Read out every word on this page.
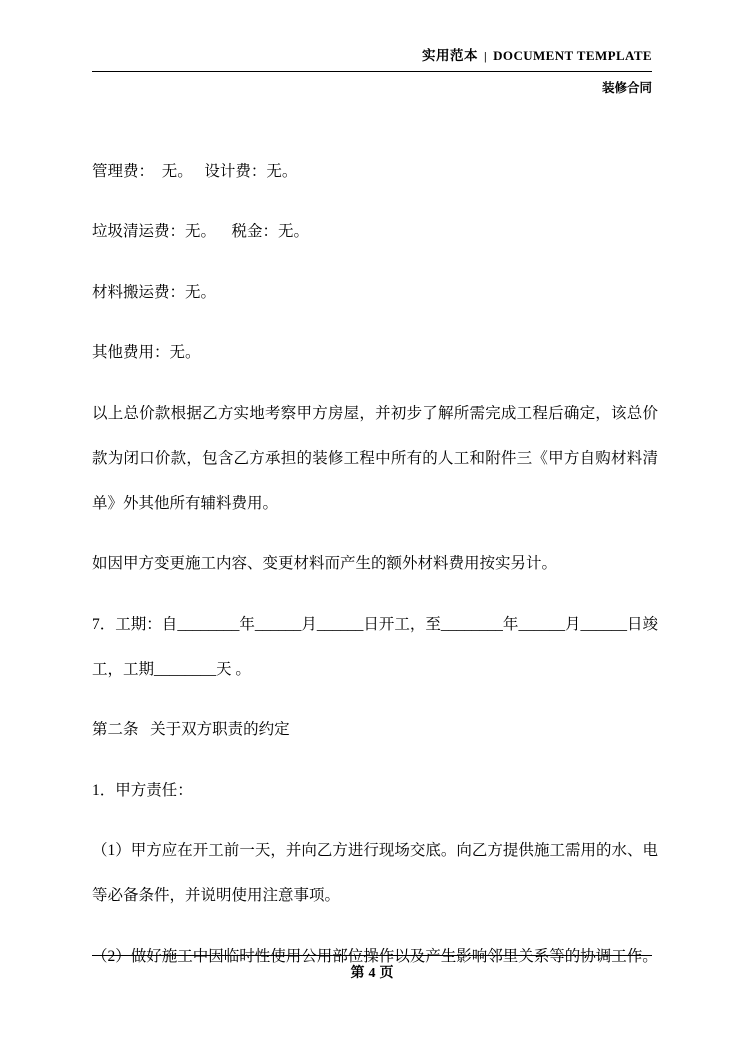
实用范本 | DOCUMENT TEMPLATE
装修合同

管理费：  无。   设计费：无。

垃圾清运费：无。    税金：无。

材料搬运费：无。

其他费用：无。

以上总价款根据乙方实地考察甲方房屋，并初步了解所需完成工程后确定，该总价款为闭口价款，包含乙方承担的装修工程中所有的人工和附件三《甲方自购材料清单》外其他所有辅料费用。

如因甲方变更施工内容、变更材料而产生的额外材料费用按实另计。

7．工期：自________年______月______日开工，至________年______月______日竣工，工期________天 。

第二条   关于双方职责的约定

1．甲方责任：

（1）甲方应在开工前一天，并向乙方进行现场交底。向乙方提供施工需用的水、电等必备条件，并说明使用注意事项。

（2）做好施工中因临时性使用公用部位操作以及产生影响邻里关系等的协调工作。

第 4 页
